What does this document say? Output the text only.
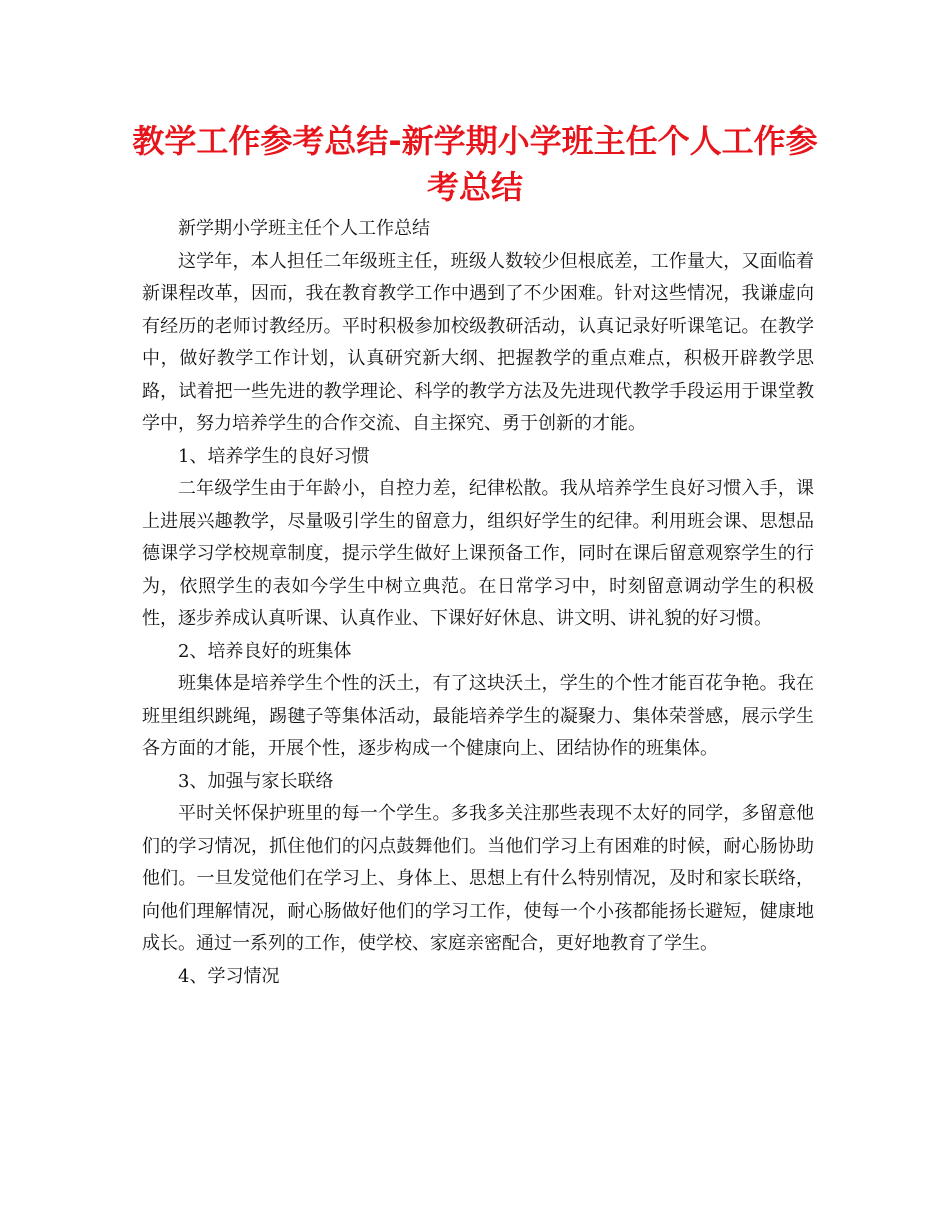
教学工作参考总结-新学期小学班主任个人工作参考总结

新学期小学班主任个人工作总结

这学年，本人担任二年级班主任，班级人数较少但根底差，工作量大，又面临着新课程改革，因而，我在教育教学工作中遇到了不少困难。针对这些情况，我谦虚向有经历的老师讨教经历。平时积极参加校级教研活动，认真记录好听课笔记。在教学中，做好教学工作计划，认真研究新大纲、把握教学的重点难点，积极开辟教学思路，试着把一些先进的教学理论、科学的教学方法及先进现代教学手段运用于课堂教学中，努力培养学生的合作交流、自主探究、勇于创新的才能。

1、培养学生的良好习惯

二年级学生由于年龄小，自控力差，纪律松散。我从培养学生良好习惯入手，课上进展兴趣教学，尽量吸引学生的留意力，组织好学生的纪律。利用班会课、思想品德课学习学校规章制度，提示学生做好上课预备工作，同时在课后留意观察学生的行为，依照学生的表如今学生中树立典范。在日常学习中，时刻留意调动学生的积极性，逐步养成认真听课、认真作业、下课好好休息、讲文明、讲礼貌的好习惯。

2、培养良好的班集体

班集体是培养学生个性的沃土，有了这块沃土，学生的个性才能百花争艳。我在班里组织跳绳，踢毽子等集体活动，最能培养学生的凝聚力、集体荣誉感，展示学生各方面的才能，开展个性，逐步构成一个健康向上、团结协作的班集体。

3、加强与家长联络

平时关怀保护班里的每一个学生。多我多关注那些表现不太好的同学，多留意他们的学习情况，抓住他们的闪点鼓舞他们。当他们学习上有困难的时候，耐心肠协助他们。一旦发觉他们在学习上、身体上、思想上有什么特别情况，及时和家长联络，向他们理解情况，耐心肠做好他们的学习工作，使每一个小孩都能扬长避短，健康地成长。通过一系列的工作，使学校、家庭亲密配合，更好地教育了学生。

4、学习情况
